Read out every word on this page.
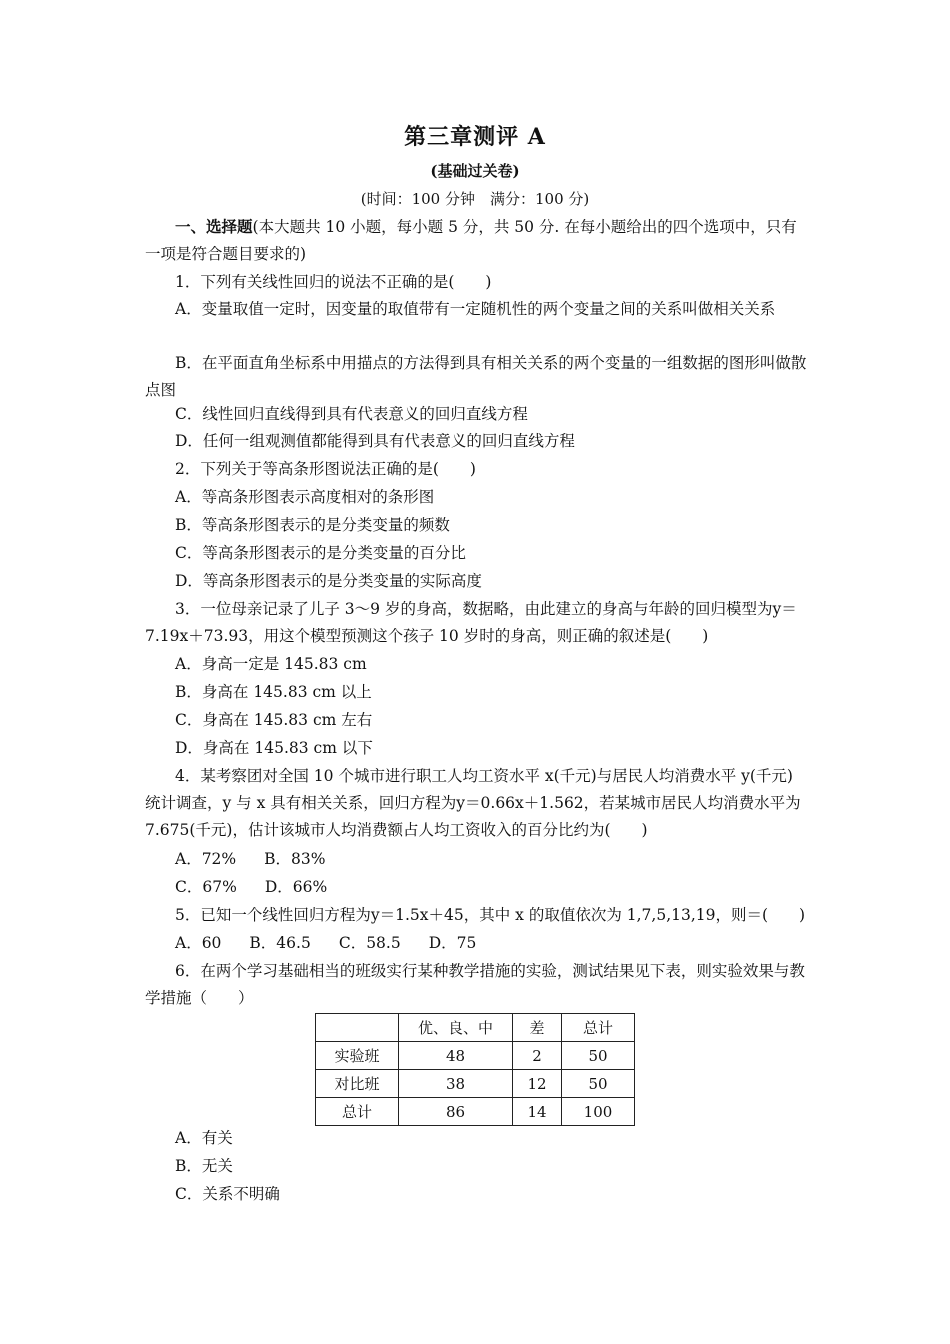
第三章测评 A
(基础过关卷)
(时间：100 分钟　满分：100 分)

一、选择题(本大题共 10 小题，每小题 5 分，共 50 分. 在每小题给出的四个选项中，只有一项是符合题目要求的)

1．下列有关线性回归的说法不正确的是(　　)

A．变量取值一定时，因变量的取值带有一定随机性的两个变量之间的关系叫做相关关系

B．在平面直角坐标系中用描点的方法得到具有相关关系的两个变量的一组数据的图形叫做散点图

C．线性回归直线得到具有代表意义的回归直线方程

D．任何一组观测值都能得到具有代表意义的回归直线方程

2．下列关于等高条形图说法正确的是(　　)

A．等高条形图表示高度相对的条形图

B．等高条形图表示的是分类变量的频数

C．等高条形图表示的是分类变量的百分比

D．等高条形图表示的是分类变量的实际高度

3．一位母亲记录了儿子 3～9 岁的身高，数据略，由此建立的身高与年龄的回归模型为y＝7.19x＋73.93，用这个模型预测这个孩子 10 岁时的身高，则正确的叙述是(　　)

A．身高一定是 145.83 cm

B．身高在 145.83 cm 以上

C．身高在 145.83 cm 左右

D．身高在 145.83 cm 以下

4．某考察团对全国 10 个城市进行职工人均工资水平 x(千元)与居民人均消费水平 y(千元)统计调查，y 与 x 具有相关关系，回归方程为y＝0.66x＋1.562，若某城市居民人均消费水平为 7.675(千元)，估计该城市人均消费额占人均工资收入的百分比约为(　　)

A．72% B．83%
C．67% D．66%

5．已知一个线性回归方程为y＝1.5x＋45，其中 x 的取值依次为 1,7,5,13,19，则＝(　　)

A．60 B．46.5 C．58.5 D．75

6．在两个学习基础相当的班级实行某种教学措施的实验，测试结果见下表，则实验效果与教学措施（　　）

	优、良、中	差	总计
实验班	48	2	50
对比班	38	12	50
总计	86	14	100

A．有关

B．无关

C．关系不明确
